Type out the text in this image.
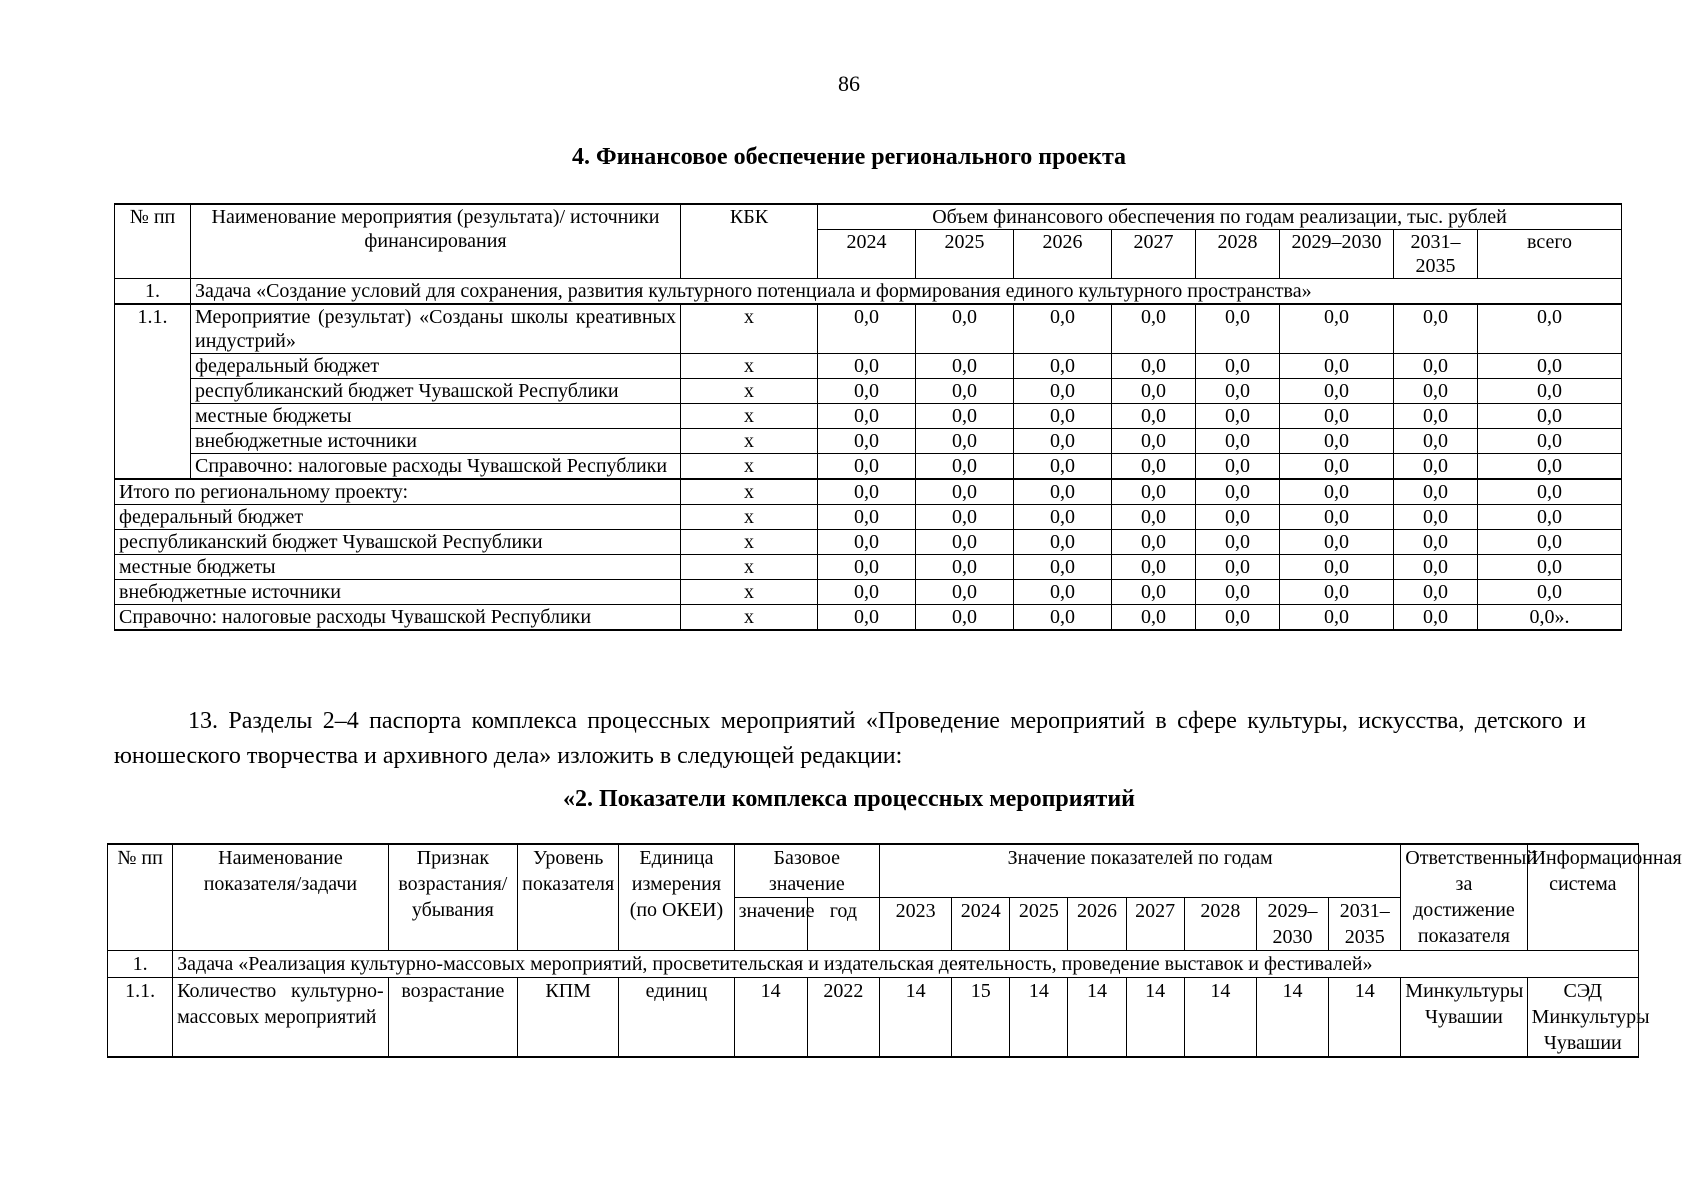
86
4. Финансовое обеспечение регионального проекта
№ пп	Наименование мероприятия (результата)/ источники финансирования	КБК	Объем финансового обеспечения по годам реализации, тыс. рублей							
			2024	2025	2026	2027	2028	2029–2030	2031–2035	всего
1.	Задача «Создание условий для сохранения, развития культурного потенциала и формирования единого культурного пространства»									
1.1.	Мероприятие (результат) «Созданы школы креативных индустрий»	х	0,0	0,0	0,0	0,0	0,0	0,0	0,0	0,0
	федеральный бюджет	х	0,0	0,0	0,0	0,0	0,0	0,0	0,0	0,0
	республиканский бюджет Чувашской Республики	х	0,0	0,0	0,0	0,0	0,0	0,0	0,0	0,0
	местные бюджеты	х	0,0	0,0	0,0	0,0	0,0	0,0	0,0	0,0
	внебюджетные источники	х	0,0	0,0	0,0	0,0	0,0	0,0	0,0	0,0
	Справочно: налоговые расходы Чувашской Республики	х	0,0	0,0	0,0	0,0	0,0	0,0	0,0	0,0
Итого по региональному проекту:		х	0,0	0,0	0,0	0,0	0,0	0,0	0,0	0,0
федеральный бюджет		х	0,0	0,0	0,0	0,0	0,0	0,0	0,0	0,0
республиканский бюджет Чувашской Республики		х	0,0	0,0	0,0	0,0	0,0	0,0	0,0	0,0
местные бюджеты		х	0,0	0,0	0,0	0,0	0,0	0,0	0,0	0,0
внебюджетные источники		х	0,0	0,0	0,0	0,0	0,0	0,0	0,0	0,0
Справочно: налоговые расходы Чувашской Республики		х	0,0	0,0	0,0	0,0	0,0	0,0	0,0	0,0».
13. Разделы 2–4 паспорта комплекса процессных мероприятий «Проведение мероприятий в сфере культуры, искусства, детского и юношеского творчества и архивного дела» изложить в следующей редакции:
«2. Показатели комплекса процессных мероприятий
№ пп	Наименование показателя/задачи	Признак возрастания/убывания	Уровень показателя	Единица измерения (по ОКЕИ)	Базовое значение		Значение показателей по годам								Ответственный за достижение показателя	Информационная система
					значение	год	2023	2024	2025	2026	2027	2028	2029–2030	2031–2035		
1.	Задача «Реализация культурно-массовых мероприятий, просветительская и издательская деятельность, проведение выставок и фестивалей»															
1.1.	Количество культурно-массовых мероприятий	возрастание	КПМ	единиц	14	2022	14	15	14	14	14	14	14	14	Минкультуры Чувашии	СЭД Минкультуры Чувашии
